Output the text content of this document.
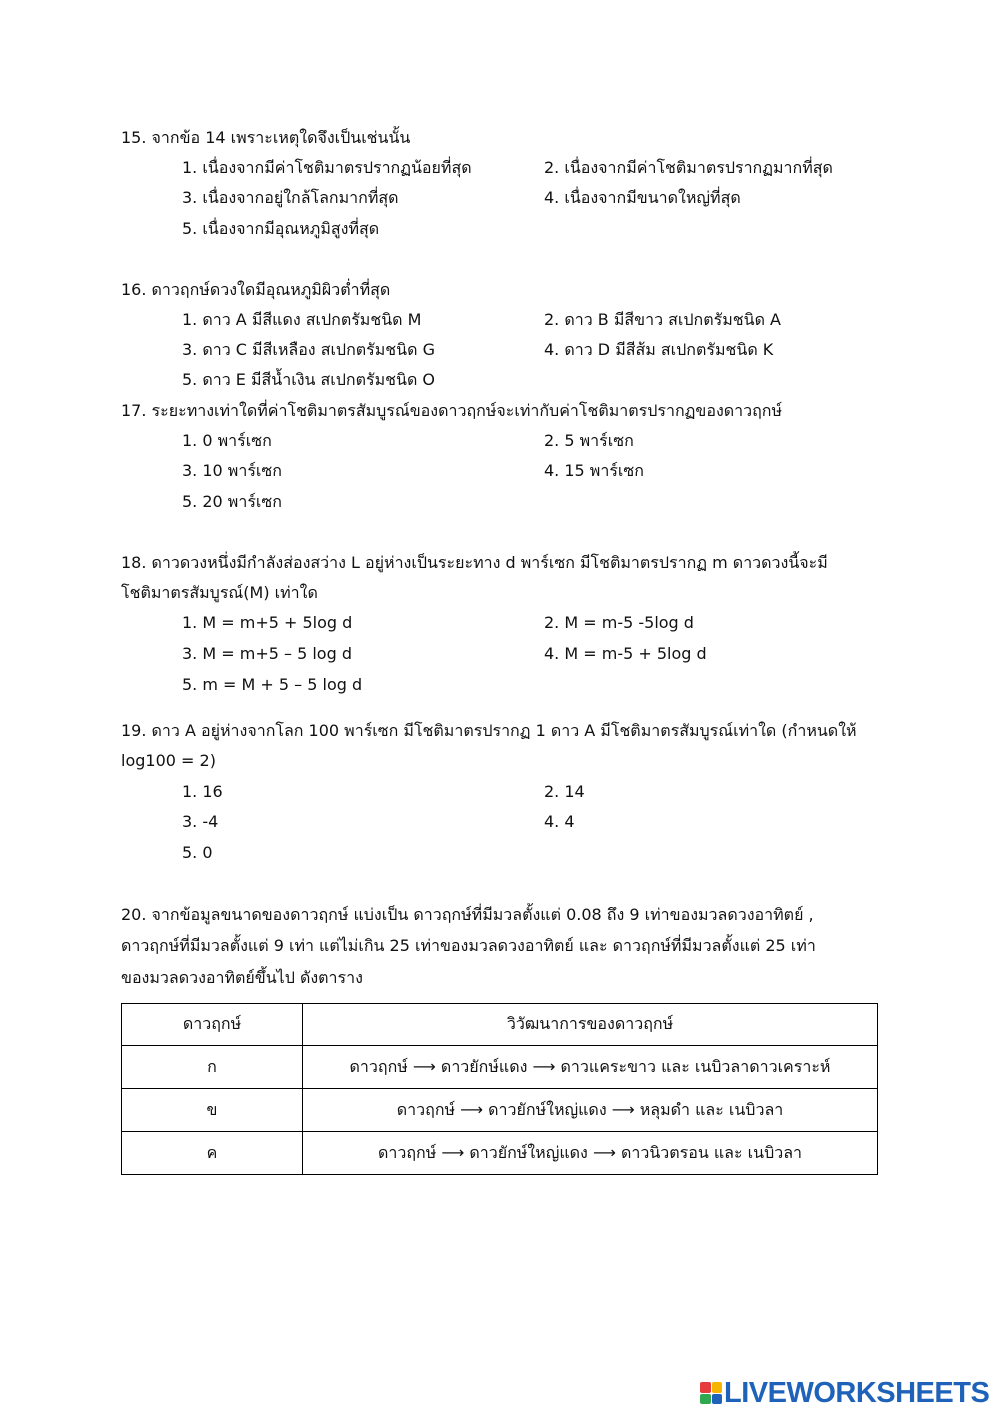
15. จากข้อ 14 เพราะเหตุใดจึงเป็นเช่นนั้น
1. เนื่องจากมีค่าโชติมาตรปรากฏน้อยที่สุด	2. เนื่องจากมีค่าโชติมาตรปรากฏมากที่สุด
3. เนื่องจากอยู่ใกล้โลกมากที่สุด	4. เนื่องจากมีขนาดใหญ่ที่สุด
5. เนื่องจากมีอุณหภูมิสูงที่สุด
16. ดาวฤกษ์ดวงใดมีอุณหภูมิผิวต่ำที่สุด
1. ดาว A มีสีแดง สเปกตรัมชนิด M	2. ดาว B มีสีขาว สเปกตรัมชนิด A
3. ดาว C มีสีเหลือง สเปกตรัมชนิด G	4. ดาว D มีสีส้ม สเปกตรัมชนิด K
5. ดาว E มีสีน้ำเงิน สเปกตรัมชนิด O
17. ระยะทางเท่าใดที่ค่าโชติมาตรสัมบูรณ์ของดาวฤกษ์จะเท่ากับค่าโชติมาตรปรากฏของดาวฤกษ์
1. 0 พาร์เซก	2. 5 พาร์เซก
3. 10 พาร์เซก	4. 15 พาร์เซก
5. 20 พาร์เซก
18. ดาวดวงหนึ่งมีกำลังส่องสว่าง L อยู่ห่างเป็นระยะทาง d พาร์เซก มีโชติมาตรปรากฏ m ดาวดวงนี้จะมี
โชติมาตรสัมบูรณ์(M) เท่าใด
1. M = m+5 + 5log d	2. M = m-5 -5log d
3. M = m+5 – 5 log d	4. M = m-5 + 5log d
5. m = M + 5 – 5 log d
19. ดาว A อยู่ห่างจากโลก 100 พาร์เซก มีโชติมาตรปรากฏ 1 ดาว A มีโชติมาตรสัมบูรณ์เท่าใด (กำหนดให้
log100 = 2)
1. 16	2. 14
3. -4	4. 4
5. 0
20. จากข้อมูลขนาดของดาวฤกษ์ แบ่งเป็น ดาวฤกษ์ที่มีมวลตั้งแต่ 0.08 ถึง 9 เท่าของมวลดวงอาทิตย์ ,
ดาวฤกษ์ที่มีมวลตั้งแต่ 9 เท่า แต่ไม่เกิน 25 เท่าของมวลดวงอาทิตย์ และ ดาวฤกษ์ที่มีมวลตั้งแต่ 25 เท่า
ของมวลดวงอาทิตย์ขึ้นไป ดังตาราง
ดาวฤกษ์	วิวัฒนาการของดาวฤกษ์
ก	ดาวฤกษ์ ⟶ ดาวยักษ์แดง ⟶ ดาวแคระขาว และ เนบิวลาดาวเคราะห์
ข	ดาวฤกษ์ ⟶ ดาวยักษ์ใหญ่แดง ⟶ หลุมดำ และ เนบิวลา
ค	ดาวฤกษ์ ⟶ ดาวยักษ์ใหญ่แดง ⟶ ดาวนิวตรอน และ เนบิวลา
LIVEWORKSHEETS
